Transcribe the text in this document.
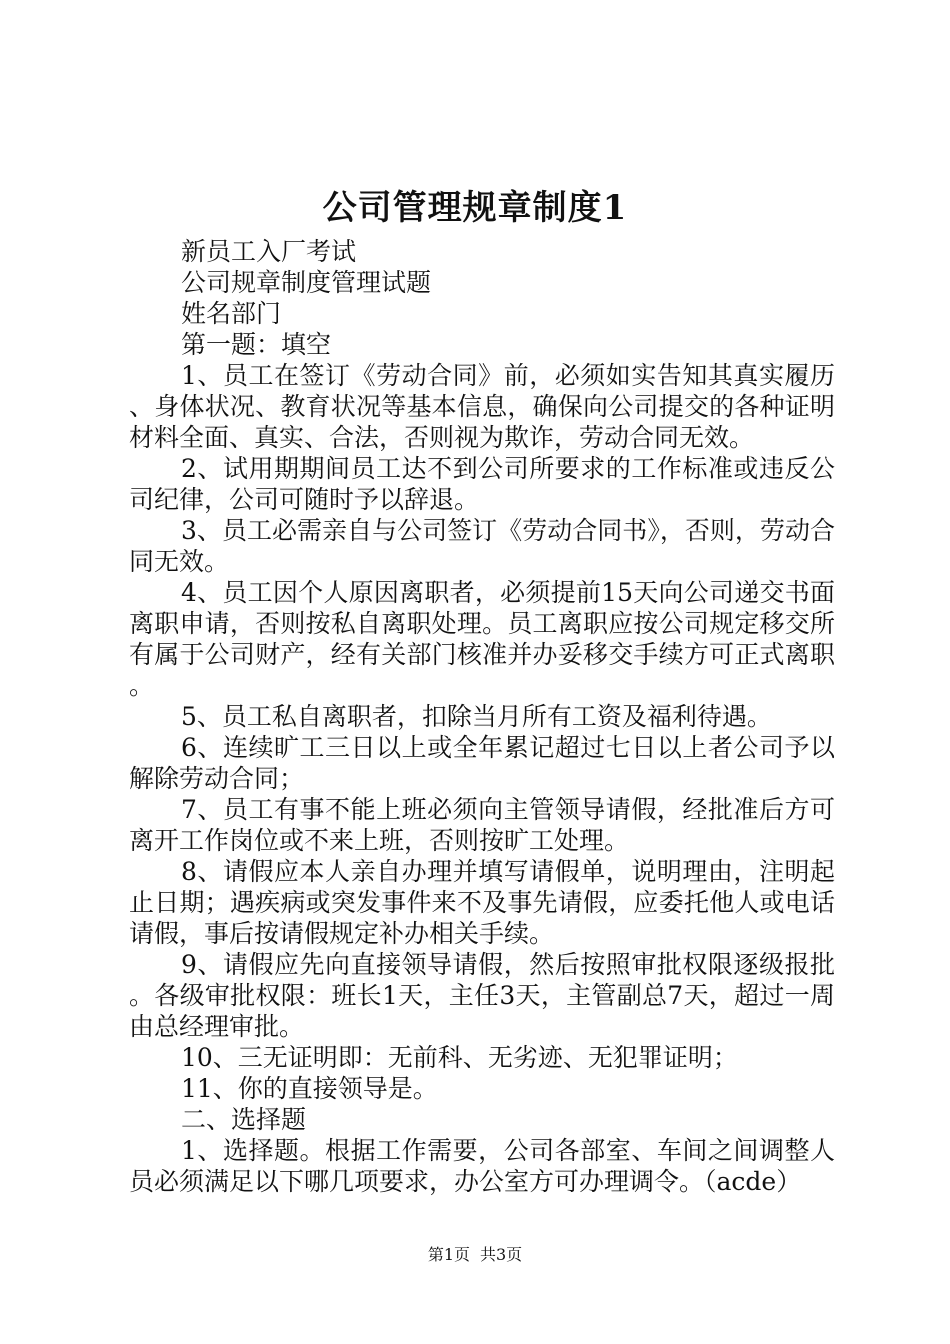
公司管理规章制度1

新员工入厂考试

公司规章制度管理试题

姓名部门

第一题：填空

1、员工在签订《劳动合同》前，必须如实告知其真实履历、身体状况、教育状况等基本信息，确保向公司提交的各种证明材料全面、真实、合法，否则视为欺诈，劳动合同无效。

2、试用期期间员工达不到公司所要求的工作标准或违反公司纪律，公司可随时予以辞退。

3、员工必需亲自与公司签订《劳动合同书》，否则，劳动合同无效。

4、员工因个人原因离职者，必须提前15天向公司递交书面离职申请，否则按私自离职处理。员工离职应按公司规定移交所有属于公司财产，经有关部门核准并办妥移交手续方可正式离职。

5、员工私自离职者，扣除当月所有工资及福利待遇。

6、连续旷工三日以上或全年累记超过七日以上者公司予以解除劳动合同；

7、员工有事不能上班必须向主管领导请假，经批准后方可离开工作岗位或不来上班，否则按旷工处理。

8、请假应本人亲自办理并填写请假单，说明理由，注明起止日期；遇疾病或突发事件来不及事先请假，应委托他人或电话请假，事后按请假规定补办相关手续。

9、请假应先向直接领导请假，然后按照审批权限逐级报批。各级审批权限：班长1天，主任3天，主管副总7天，超过一周由总经理审批。

10、三无证明即：无前科、无劣迹、无犯罪证明；

11、你的直接领导是。

二、选择题

1、选择题。根据工作需要，公司各部室、车间之间调整人员必须满足以下哪几项要求，办公室方可办理调令。（acde）

第1页 共3页
